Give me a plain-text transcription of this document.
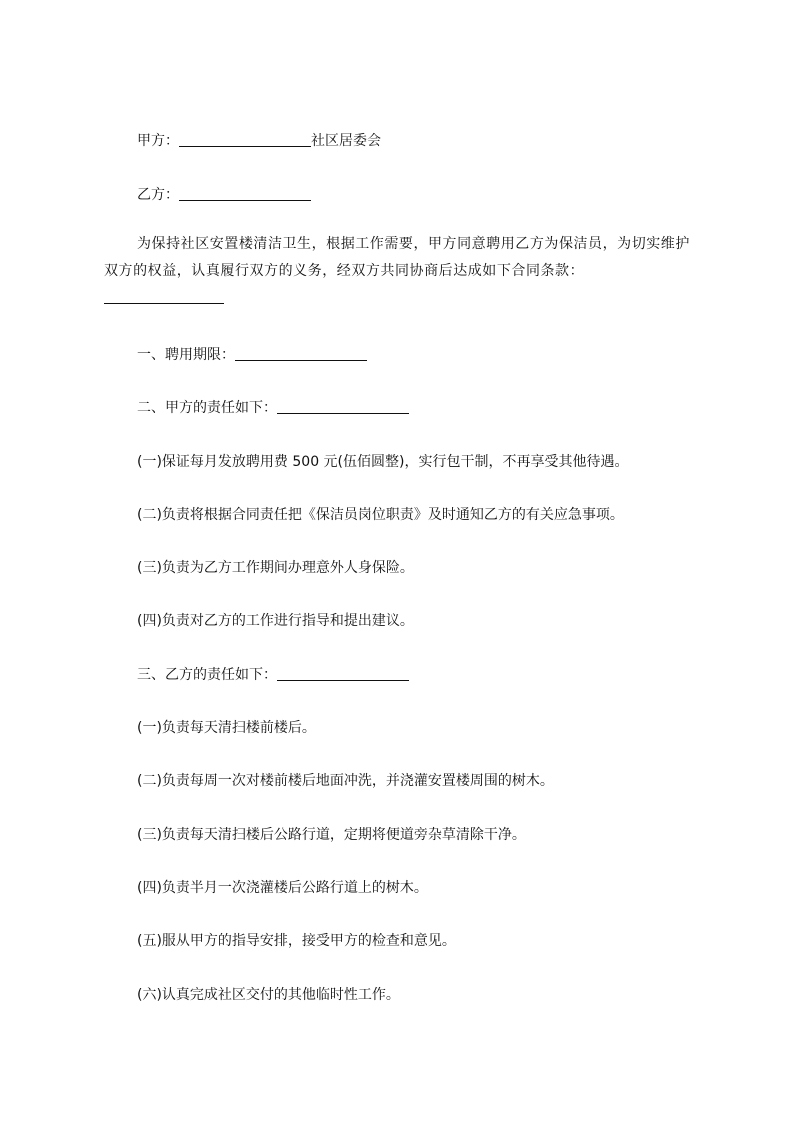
甲方：	社区居委会
乙方：
为保持社区安置楼清洁卫生，根据工作需要，甲方同意聘用乙方为保洁员，为切实维护双方的权益，认真履行双方的义务，经双方共同协商后达成如下合同条款：
一、聘用期限：
二、甲方的责任如下：
(一)保证每月发放聘用费 500 元(伍佰圆整)，实行包干制，不再享受其他待遇。
(二)负责将根据合同责任把《保洁员岗位职责》及时通知乙方的有关应急事项。
(三)负责为乙方工作期间办理意外人身保险。
(四)负责对乙方的工作进行指导和提出建议。
三、乙方的责任如下：
(一)负责每天清扫楼前楼后。
(二)负责每周一次对楼前楼后地面冲洗，并浇灌安置楼周围的树木。
(三)负责每天清扫楼后公路行道，定期将便道旁杂草清除干净。
(四)负责半月一次浇灌楼后公路行道上的树木。
(五)服从甲方的指导安排，接受甲方的检查和意见。
(六)认真完成社区交付的其他临时性工作。
